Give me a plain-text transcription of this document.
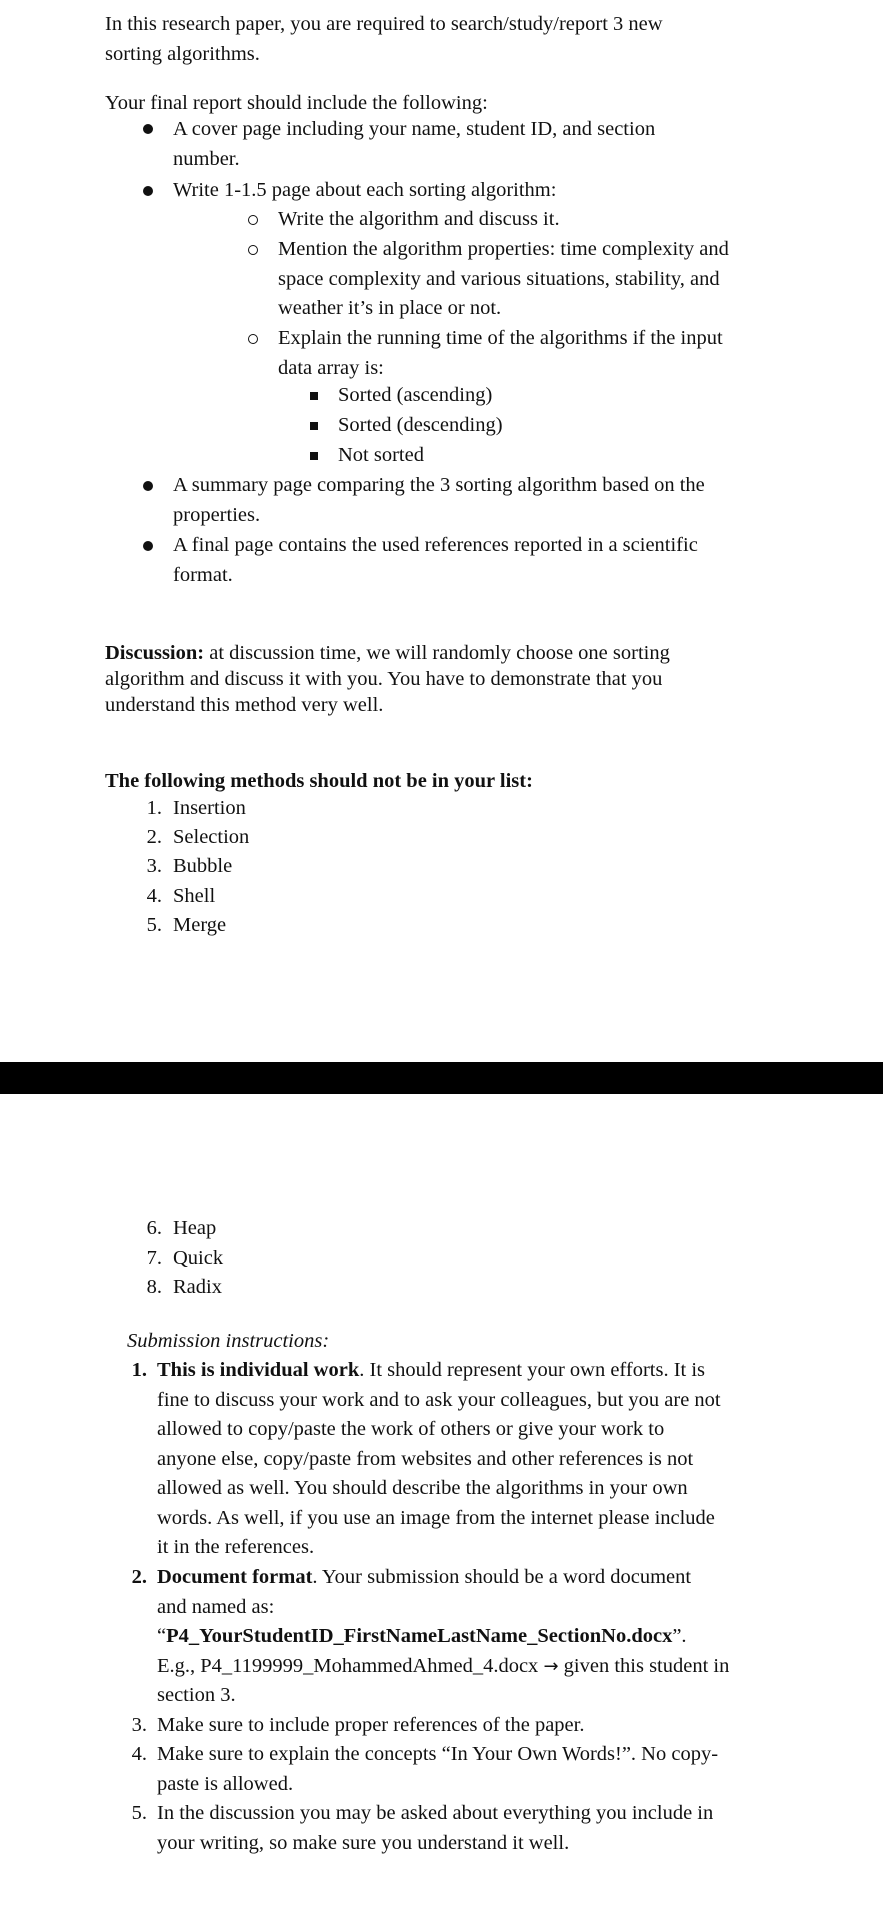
In this research paper, you are required to search/study/report 3 new
sorting algorithms.
Your final report should include the following:
A cover page including your name, student ID, and section
number.
Write 1-1.5 page about each sorting algorithm:
Write the algorithm and discuss it.
Mention the algorithm properties: time complexity and
space complexity and various situations, stability, and
weather it’s in place or not.
Explain the running time of the algorithms if the input
data array is:
Sorted (ascending)
Sorted (descending)
Not sorted
A summary page comparing the 3 sorting algorithm based on the
properties.
A final page contains the used references reported in a scientific
format.
Discussion: at discussion time, we will randomly choose one sorting
algorithm and discuss it with you. You have to demonstrate that you
understand this method very well.
The following methods should not be in your list:
1. Insertion
2. Selection
3. Bubble
4. Shell
5. Merge
6. Heap
7. Quick
8. Radix
Submission instructions:
1. This is individual work. It should represent your own efforts. It is
fine to discuss your work and to ask your colleagues, but you are not
allowed to copy/paste the work of others or give your work to
anyone else, copy/paste from websites and other references is not
allowed as well. You should describe the algorithms in your own
words. As well, if you use an image from the internet please include
it in the references.
2. Document format. Your submission should be a word document
and named as:
“P4_YourStudentID_FirstNameLastName_SectionNo.docx”.
E.g., P4_1199999_MohammedAhmed_4.docx → given this student in
section 3.
3. Make sure to include proper references of the paper.
4. Make sure to explain the concepts “In Your Own Words!”. No copy-
paste is allowed.
5. In the discussion you may be asked about everything you include in
your writing, so make sure you understand it well.
